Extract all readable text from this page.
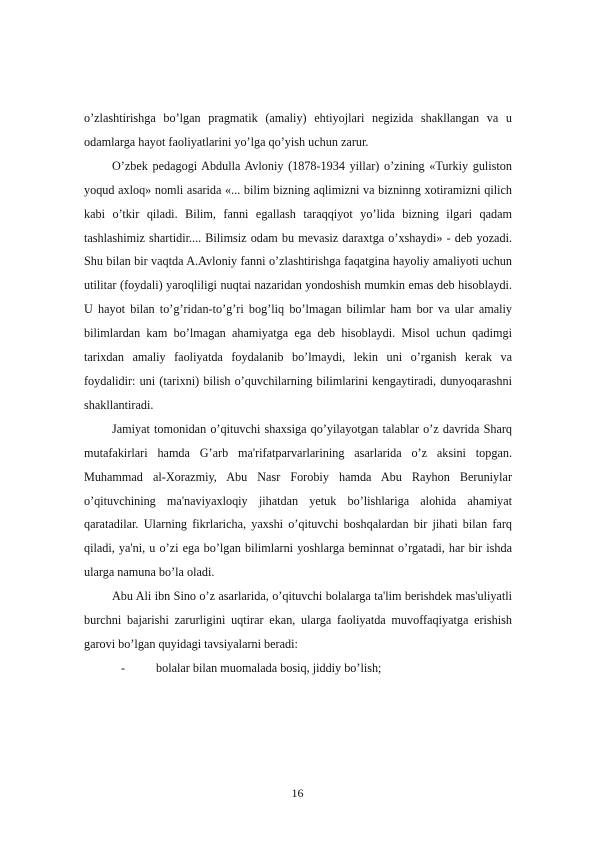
o’zlashtirishga bo’lgan pragmatik (amaliy) ehtiyojlari negizida shakllangan va u odamlarga hayot faoliyatlarini yo’lga qo’yish uchun zarur.

O’zbek pedagogi Abdulla Avloniy (1878-1934 yillar) o’zining «Turkiy guliston yoqud axloq» nomli asarida «... bilim bizning aqlimizni va bizninng xotiramizni qilich kabi o’tkir qiladi. Bilim, fanni egallash taraqqiyot yo’lida bizning ilgari qadam tashlashimiz shartidir.... Bilimsiz odam bu mevasiz daraxtga o’xshaydi» - deb yozadi. Shu bilan bir vaqtda A.Avloniy fanni o’zlashtirishga faqatgina hayoliy amaliyoti uchun utilitar (foydali) yaroqliligi nuqtai nazaridan yondoshish mumkin emas deb hisoblaydi. U hayot bilan to’g’ridan-to’g’ri bog’liq bo’lmagan bilimlar ham bor va ular amaliy bilimlardan kam bo’lmagan ahamiyatga ega deb hisoblaydi. Misol uchun qadimgi tarixdan amaliy faoliyatda foydalanib bo’lmaydi, lekin uni o’rganish kerak va foydalidir: uni (tarixni) bilish o’quvchilarning bilimlarini kengaytiradi, dunyoqarashni shakllantiradi.

Jamiyat tomonidan o’qituvchi shaxsiga qo’yilayotgan talablar o’z davrida Sharq mutafakirlari hamda G’arb ma'rifatparvarlarining asarlarida o’z aksini topgan. Muhammad al-Xorazmiy, Abu Nasr Forobiy hamda Abu Rayhon Beruniylar o’qituvchining ma'naviyaxloqiy jihatdan yetuk bo’lishlariga alohida ahamiyat qaratadilar. Ularning fikrlaricha, yaxshi o’qituvchi boshqalardan bir jihati bilan farq qiladi, ya'ni, u o’zi ega bo’lgan bilimlarni yoshlarga beminnat o’rgatadi, har bir ishda ularga namuna bo’la oladi.

Abu Ali ibn Sino o’z asarlarida, o’qituvchi bolalarga ta'lim berishdek mas'uliyatli burchni bajarishi zarurligini uqtirar ekan, ularga faoliyatda muvoffaqiyatga erishish garovi bo’lgan quyidagi tavsiyalarni beradi:

-	bolalar bilan muomalada bosiq, jiddiy bo’lish;
16
